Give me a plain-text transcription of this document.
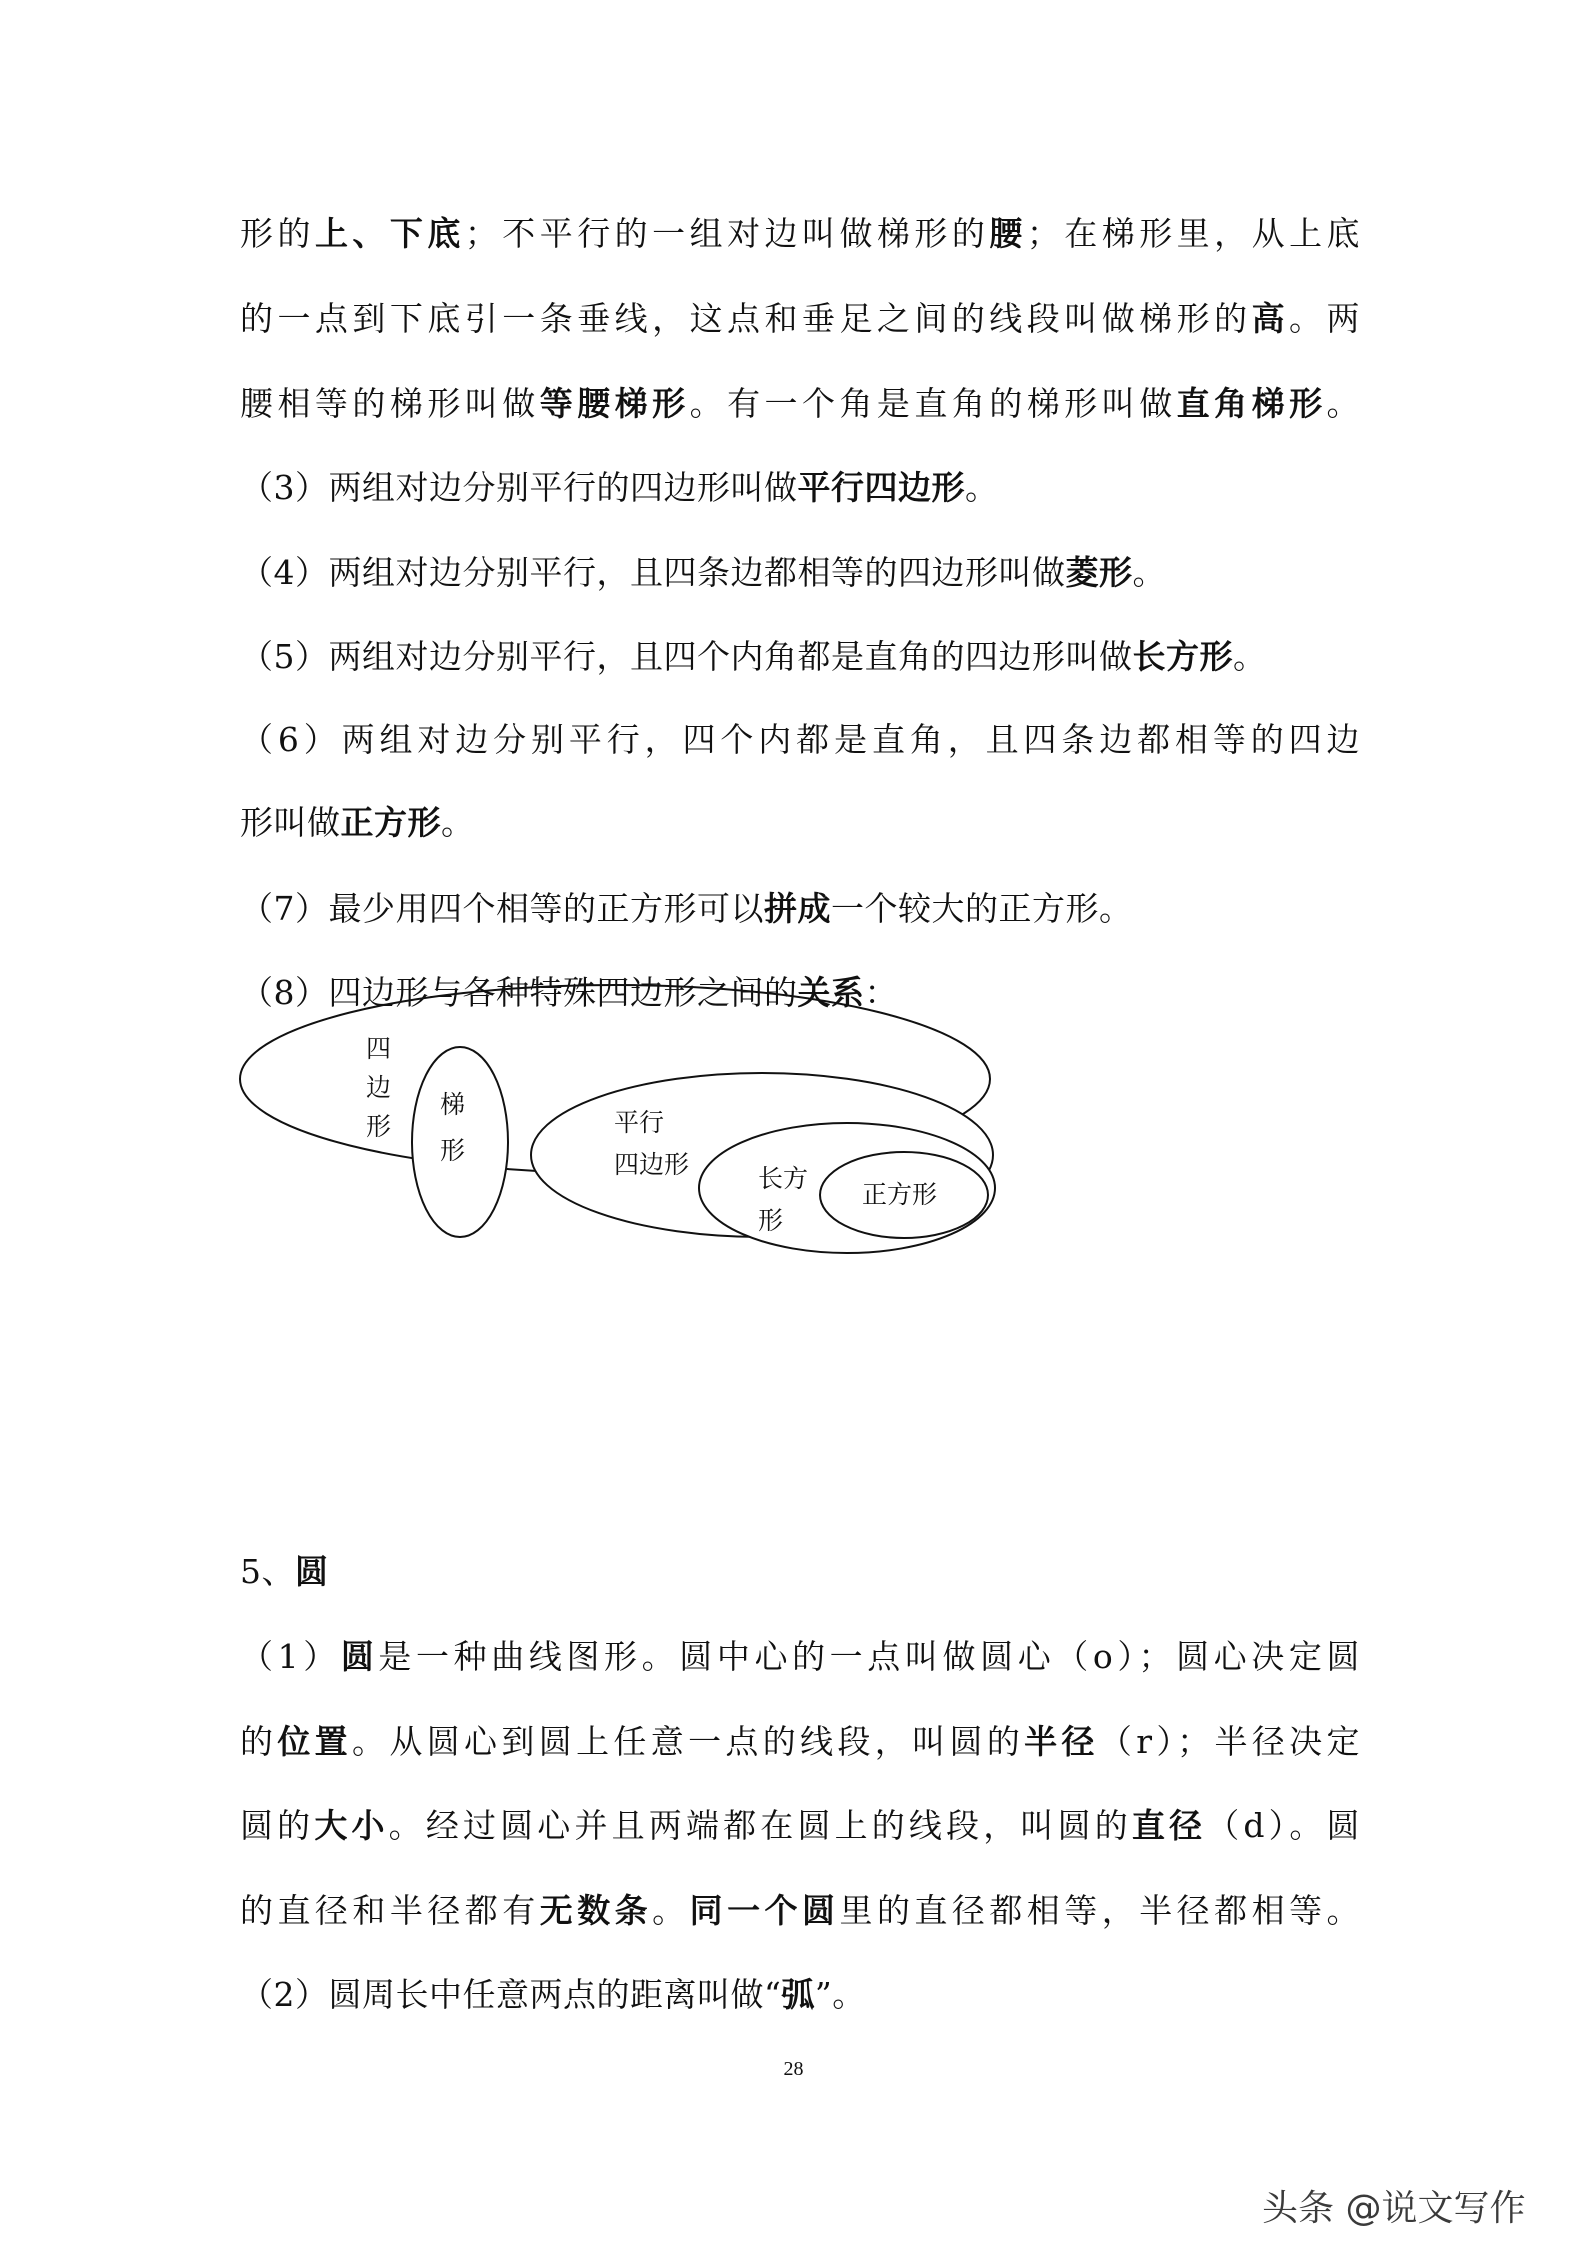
形的上、下底；不平行的一组对边叫做梯形的腰；在梯形里，从上底
的一点到下底引一条垂线，这点和垂足之间的线段叫做梯形的高。两
腰相等的梯形叫做等腰梯形。有一个角是直角的梯形叫做直角梯形。
（3）两组对边分别平行的四边形叫做平行四边形。
（4）两组对边分别平行，且四条边都相等的四边形叫做菱形。
（5）两组对边分别平行，且四个内角都是直角的四边形叫做长方形。
（6）两组对边分别平行，四个内都是直角，且四条边都相等的四边
形叫做正方形。
（7）最少用四个相等的正方形可以拼成一个较大的正方形。
（8）四边形与各种特殊四边形之间的关系：
四
边
形
梯
形
平行
四边形	长方
形
正方形
5、圆
（1）圆是一种曲线图形。圆中心的一点叫做圆心（o）；圆心决定圆
的位置。从圆心到圆上任意一点的线段，叫圆的半径（r）；半径决定
圆的大小。经过圆心并且两端都在圆上的线段，叫圆的直径（d）。圆
的直径和半径都有无数条。同一个圆里的直径都相等，半径都相等。
（2）圆周长中任意两点的距离叫做“弧”。
28
头条 @说文写作
